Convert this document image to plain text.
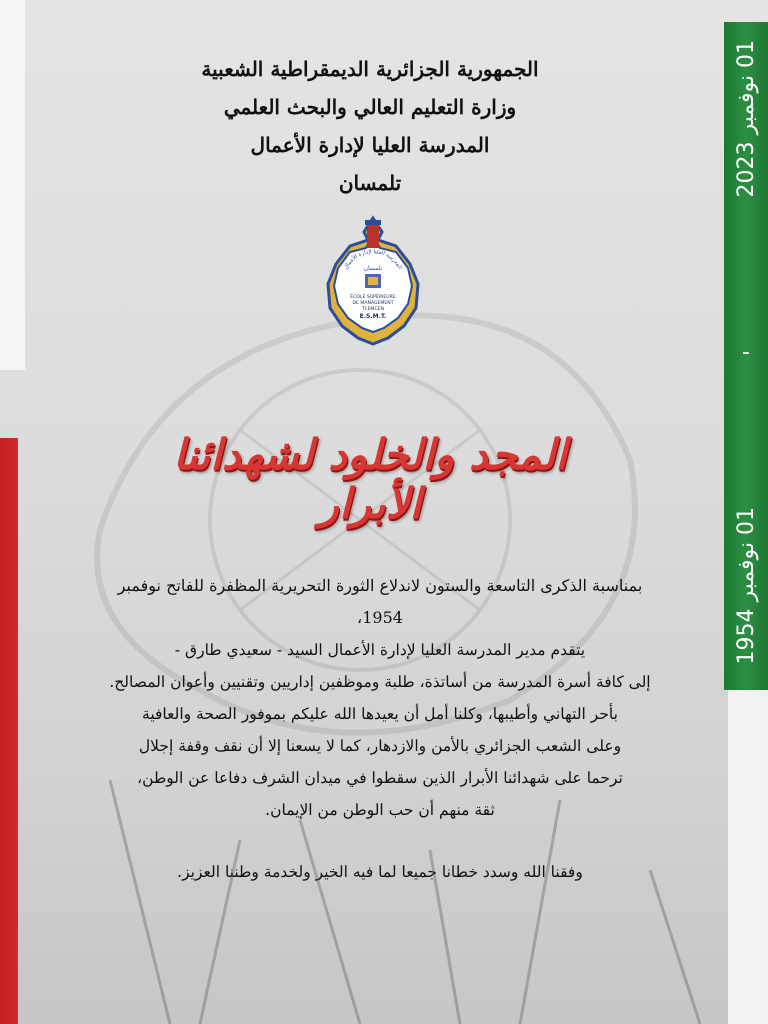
01 نوفمبر 2023
-
01 نوفمبر 1954
الجمهورية الجزائرية الديمقراطية الشعبية
وزارة التعليم العالي والبحث العلمي
المدرسة العليا لإدارة الأعمال
تلمسان
تلمسان
ÉCOLE SUPÉRIEURE
DE MANAGEMENT
TLEMCEN
E.S.M.T.
المدرسة العليا لإدارة الأعمال
المجد والخلود لشهدائنا الأبرار

بمناسبة الذكرى التاسعة والستون لاندلاع الثورة التحريرية المظفرة للفاتح نوفمبر 1954،

يتقدم مدير المدرسة العليا لإدارة الأعمال السيد - سعيدي طارق -

إلى كافة أسرة المدرسة من أساتذة، طلبة وموظفين إداريين وتقنيين وأعوان المصالح.

بأحر التهاني وأطيبها، وكلنا أمل أن يعيدها الله عليكم بموفور الصحة والعافية

وعلى الشعب الجزائري بالأمن والازدهار، كما لا يسعنا إلا أن نقف وقفة إجلال

ترحما على شهدائنا الأبرار الذين سقطوا في ميدان الشرف دفاعا عن الوطن،

ثقة منهم أن حب الوطن من الإيمان.

وفقنا الله وسدد خطانا جميعا لما فيه الخير ولخدمة وطننا العزيز.
